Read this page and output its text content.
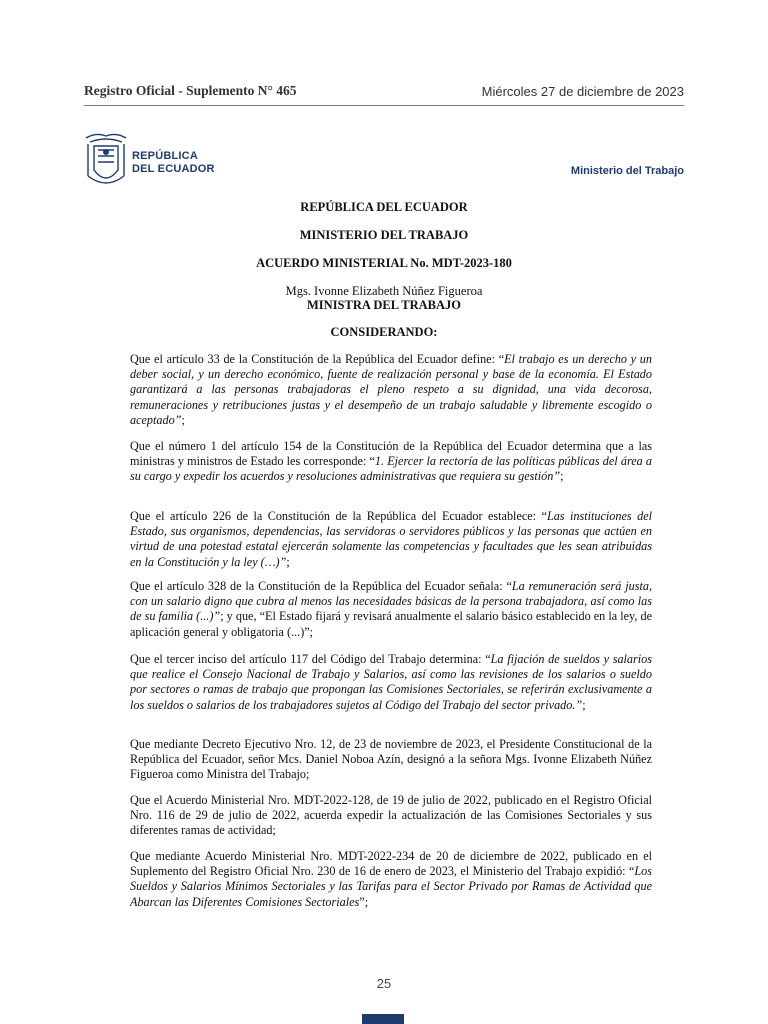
Registro Oficial - Suplemento N° 465	Miércoles 27 de diciembre de 2023
REPÚBLICA
DEL ECUADOR	Ministerio del Trabajo
REPÚBLICA DEL ECUADOR
MINISTERIO DEL TRABAJO
ACUERDO MINISTERIAL No. MDT-2023-180
Mgs. Ivonne Elizabeth Núñez Figueroa
MINISTRA DEL TRABAJO
CONSIDERANDO:
Que el artículo 33 de la Constitución de la República del Ecuador define: “El trabajo es un derecho y un deber social, y un derecho económico, fuente de realización personal y base de la economía. El Estado garantizará a las personas trabajadoras el pleno respeto a su dignidad, una vida decorosa, remuneraciones y retribuciones justas y el desempeño de un trabajo saludable y libremente escogido o aceptado”;
Que el número 1 del artículo 154 de la Constitución de la República del Ecuador determina que a las ministras y ministros de Estado les corresponde: “1. Ejercer la rectoría de las políticas públicas del área a su cargo y expedir los acuerdos y resoluciones administrativas que requiera su gestión”;
Que el artículo 226 de la Constitución de la República del Ecuador establece: “Las instituciones del Estado, sus organismos, dependencias, las servidoras o servidores públicos y las personas que actúen en virtud de una potestad estatal ejercerán solamente las competencias y facultades que les sean atribuidas en la Constitución y la ley (…)”;
Que el artículo 328 de la Constitución de la República del Ecuador señala: “La remuneración será justa, con un salario digno que cubra al menos las necesidades básicas de la persona trabajadora, así como las de su familia (...)”; y que, “El Estado fijará y revisará anualmente el salario básico establecido en la ley, de aplicación general y obligatoria (...)”;
Que el tercer inciso del artículo 117 del Código del Trabajo determina: “La fijación de sueldos y salarios que realice el Consejo Nacional de Trabajo y Salarios, así como las revisiones de los salarios o sueldo por sectores o ramas de trabajo que propongan las Comisiones Sectoriales, se referirán exclusivamente a los sueldos o salarios de los trabajadores sujetos al Código del Trabajo del sector privado.”;
Que mediante Decreto Ejecutivo Nro. 12, de 23 de noviembre de 2023, el Presidente Constitucional de la República del Ecuador, señor Mcs. Daniel Noboa Azín, designó a la señora Mgs. Ivonne Elizabeth Núñez Figueroa como Ministra del Trabajo;
Que el Acuerdo Ministerial Nro. MDT-2022-128, de 19 de julio de 2022, publicado en el Registro Oficial Nro. 116 de 29 de julio de 2022, acuerda expedir la actualización de las Comisiones Sectoriales y sus diferentes ramas de actividad;
Que mediante Acuerdo Ministerial Nro. MDT-2022-234 de 20 de diciembre de 2022, publicado en el Suplemento del Registro Oficial Nro. 230 de 16 de enero de 2023, el Ministerio del Trabajo expidió: “Los Sueldos y Salarios Mínimos Sectoriales y las Tarifas para el Sector Privado por Ramas de Actividad que Abarcan las Diferentes Comisiones Sectoriales”;
25
